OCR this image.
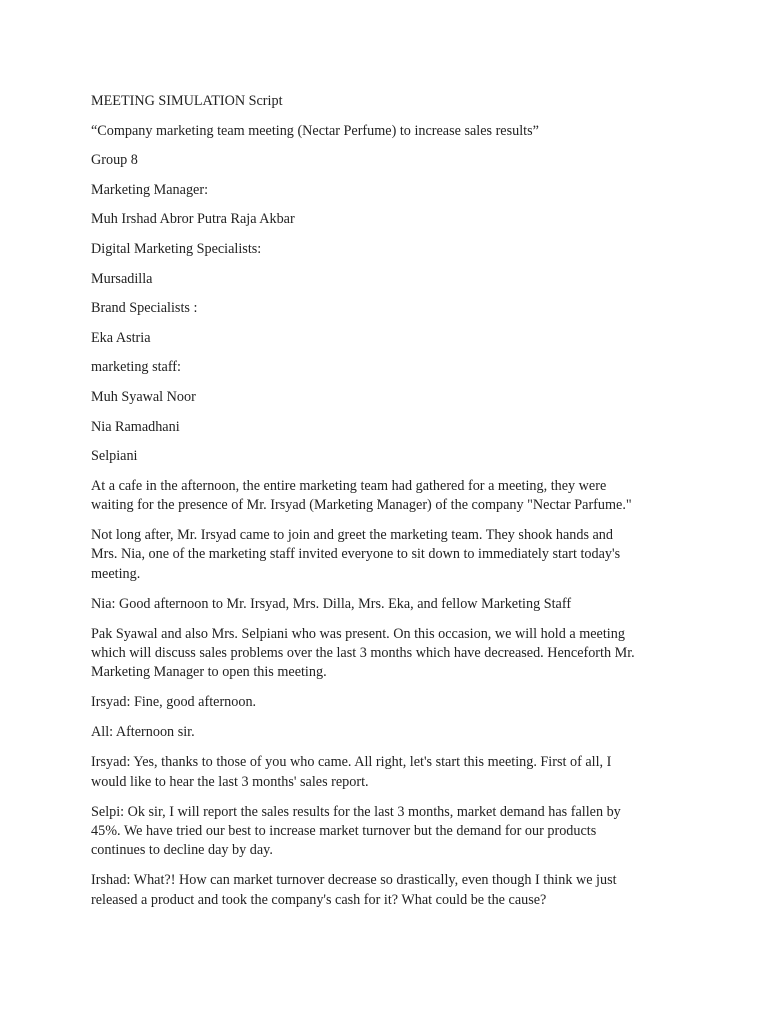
MEETING SIMULATION Script
“Company marketing team meeting (Nectar Perfume) to increase sales results”
Group 8
Marketing Manager:
Muh Irshad Abror Putra Raja Akbar
Digital Marketing Specialists:
Mursadilla
Brand Specialists :
Eka Astria
marketing staff:
Muh Syawal Noor
Nia Ramadhani
Selpiani
At a cafe in the afternoon, the entire marketing team had gathered for a meeting, they were
waiting for the presence of Mr. Irsyad (Marketing Manager) of the company "Nectar Parfume."
Not long after, Mr. Irsyad came to join and greet the marketing team. They shook hands and
Mrs. Nia, one of the marketing staff invited everyone to sit down to immediately start today's
meeting.
Nia: Good afternoon to Mr. Irsyad, Mrs. Dilla, Mrs. Eka, and fellow Marketing Staff
Pak Syawal and also Mrs. Selpiani who was present. On this occasion, we will hold a meeting
which will discuss sales problems over the last 3 months which have decreased. Henceforth Mr.
Marketing Manager to open this meeting.
Irsyad: Fine, good afternoon.
All: Afternoon sir.
Irsyad: Yes, thanks to those of you who came. All right, let's start this meeting. First of all, I
would like to hear the last 3 months' sales report.
Selpi: Ok sir, I will report the sales results for the last 3 months, market demand has fallen by
45%. We have tried our best to increase market turnover but the demand for our products
continues to decline day by day.
Irshad: What?! How can market turnover decrease so drastically, even though I think we just
released a product and took the company's cash for it? What could be the cause?
